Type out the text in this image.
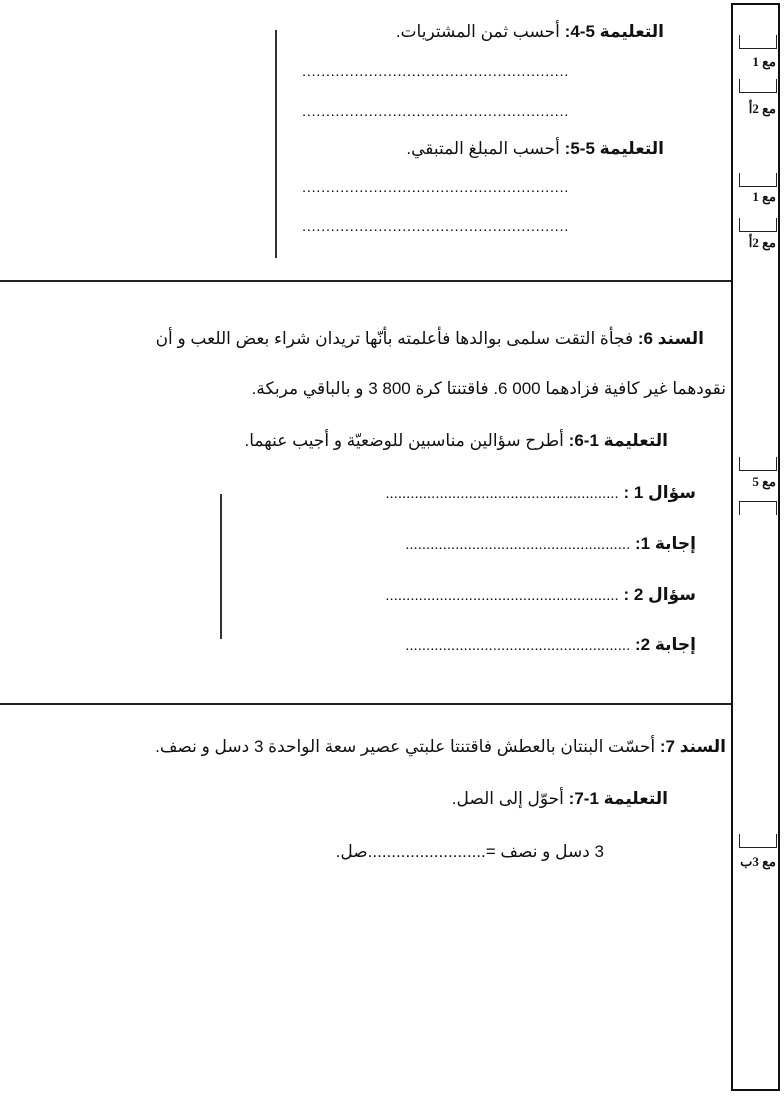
التعليمة 5-4: أحسب ثمن المشتريات.
........................................................
........................................................
التعليمة 5-5: أحسب المبلغ المتبقي.
........................................................
........................................................
السند 6: فجأة التقت سلمى بوالدها فأعلمته بأنّها تريدان شراء بعض اللعب و أن
نقودهما غير كافية فزادهما 000 6. فاقتنتا كرة 800 3 و بالباقي مربكة.
التعليمة 1-6: أطرح سؤالين مناسبين للوضعيّة و أجيب عنهما.
سؤال 1 : ........................................................
إجابة 1: ......................................................
سؤال 2 : ........................................................
إجابة 2: ......................................................
السند 7: أحسّت البنتان بالعطش فاقتنتا علبتي عصير سعة الواحدة 3 دسل و نصف.
التعليمة 1-7: أحوّل إلى الصل.
3 دسل و نصف =.........................صل.
مع 1
مع 2أ
مع 1
مع 2أ
مع 5
مع 3ب
